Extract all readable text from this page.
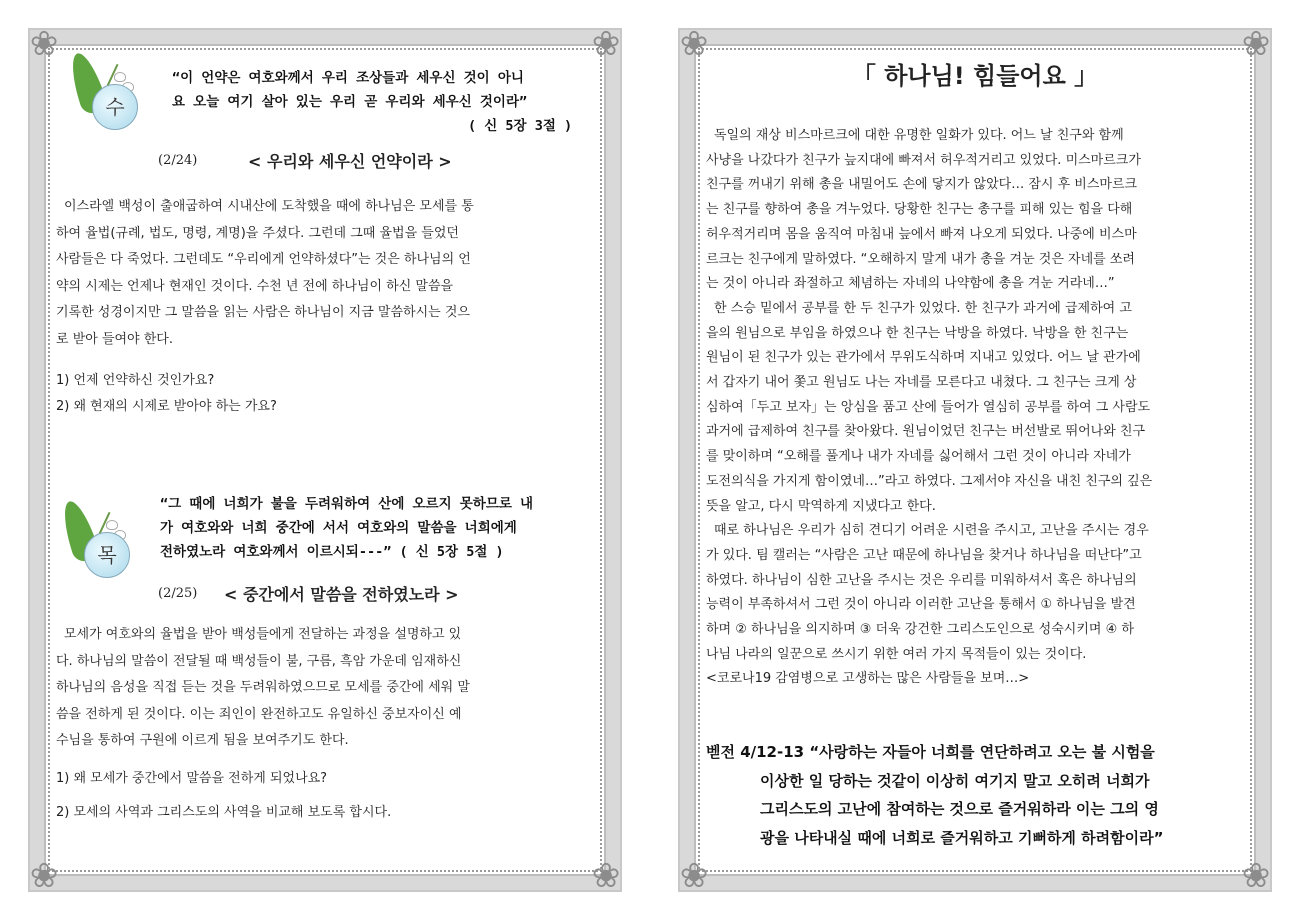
❀	❀
❀	❀
수
“이 언약은 여호와께서 우리 조상들과 세우신 것이 아니
요 오늘 여기 살아 있는 우리 곧 우리와 세우신 것이라”
( 신 5장 3절 )
(2/24)	< 우리와 세우신 언약이라 >
이스라엘 백성이 출애굽하여 시내산에 도착했을 때에 하나님은 모세를 통
하여 율법(규례, 법도, 명령, 계명)을 주셨다. 그런데 그때 율법을 들었던
사람들은 다 죽었다. 그런데도 “우리에게 언약하셨다”는 것은 하나님의 언
약의 시제는 언제나 현재인 것이다. 수천 년 전에 하나님이 하신 말씀을
기록한 성경이지만 그 말씀을 읽는 사람은 하나님이 지금 말씀하시는 것으
로 받아 들여야 한다.
1) 언제 언약하신 것인가요?
2) 왜 현재의 시제로 받아야 하는 가요?
목
“그 때에 너희가 불을 두려워하여 산에 오르지 못하므로 내
가 여호와와 너희 중간에 서서 여호와의 말씀을 너희에게
전하였노라 여호와께서 이르시되---” ( 신 5장 5절 )
(2/25) < 중간에서 말씀을 전하였노라 >
모세가 여호와의 율법을 받아 백성들에게 전달하는 과정을 설명하고 있
다. 하나님의 말씀이 전달될 때 백성들이 불, 구름, 흑암 가운데 임재하신
하나님의 음성을 직접 듣는 것을 두려워하였으므로 모세를 중간에 세워 말
씀을 전하게 된 것이다. 이는 죄인이 완전하고도 유일하신 중보자이신 예
수님을 통하여 구원에 이르게 됨을 보여주기도 한다.
1) 왜 모세가 중간에서 말씀을 전하게 되었나요?
2) 모세의 사역과 그리스도의 사역을 비교해 보도록 합시다.
❀	❀
❀	❀
「 하나님! 힘들어요 」
독일의 재상 비스마르크에 대한 유명한 일화가 있다. 어느 날 친구와 함께
사냥을 나갔다가 친구가 늪지대에 빠져서 허우적거리고 있었다. 미스마르크가
친구를 꺼내기 위해 총을 내밀어도 손에 닿지가 않았다… 잠시 후 비스마르크
는 친구를 향하여 총을 겨누었다. 당황한 친구는 총구를 피해 있는 힘을 다해
허우적거리며 몸을 움직여 마침내 늪에서 빠져 나오게 되었다. 나중에 비스마
르크는 친구에게 말하였다. “오해하지 말게 내가 총을 겨눈 것은 자네를 쏘려
는 것이 아니라 좌절하고 체념하는 자네의 나약함에 총을 겨눈 거라네…”
한 스승 밑에서 공부를 한 두 친구가 있었다. 한 친구가 과거에 급제하여 고
을의 원님으로 부임을 하였으나 한 친구는 낙방을 하였다. 낙방을 한 친구는
원님이 된 친구가 있는 관가에서 무위도식하며 지내고 있었다. 어느 날 관가에
서 갑자기 내어 쫓고 원님도 나는 자네를 모른다고 내쳤다. 그 친구는 크게 상
심하여「두고 보자」는 앙심을 품고 산에 들어가 열심히 공부를 하여 그 사람도
과거에 급제하여 친구를 찾아왔다. 원님이었던 친구는 버선발로 뛰어나와 친구
를 맞이하며 “오해를 풀게나 내가 자네를 싫어해서 그런 것이 아니라 자네가
도전의식을 가지게 함이였네…”라고 하였다. 그제서야 자신을 내친 친구의 깊은
뜻을 알고, 다시 막역하게 지냈다고 한다.
때로 하나님은 우리가 심히 견디기 어려운 시련을 주시고, 고난을 주시는 경우
가 있다. 팀 캘러는 “사람은 고난 때문에 하나님을 찾거나 하나님을 떠난다”고
하였다. 하나님이 심한 고난을 주시는 것은 우리를 미워하셔서 혹은 하나님의
능력이 부족하셔서 그런 것이 아니라 이러한 고난을 통해서 ① 하나님을 발견
하며 ② 하나님을 의지하며 ③ 더욱 강건한 그리스도인으로 성숙시키며 ④ 하
나님 나라의 일꾼으로 쓰시기 위한 여러 가지 목적들이 있는 것이다.
<코로나19 감염병으로 고생하는 많은 사람들을 보며…>
벧전 4/12-13 “사랑하는 자들아 너희를 연단하려고 오는 불 시험을
이상한 일 당하는 것같이 이상히 여기지 말고 오히려 너희가
그리스도의 고난에 참여하는 것으로 즐거워하라 이는 그의 영
광을 나타내실 때에 너희로 즐거워하고 기뻐하게 하려함이라”
